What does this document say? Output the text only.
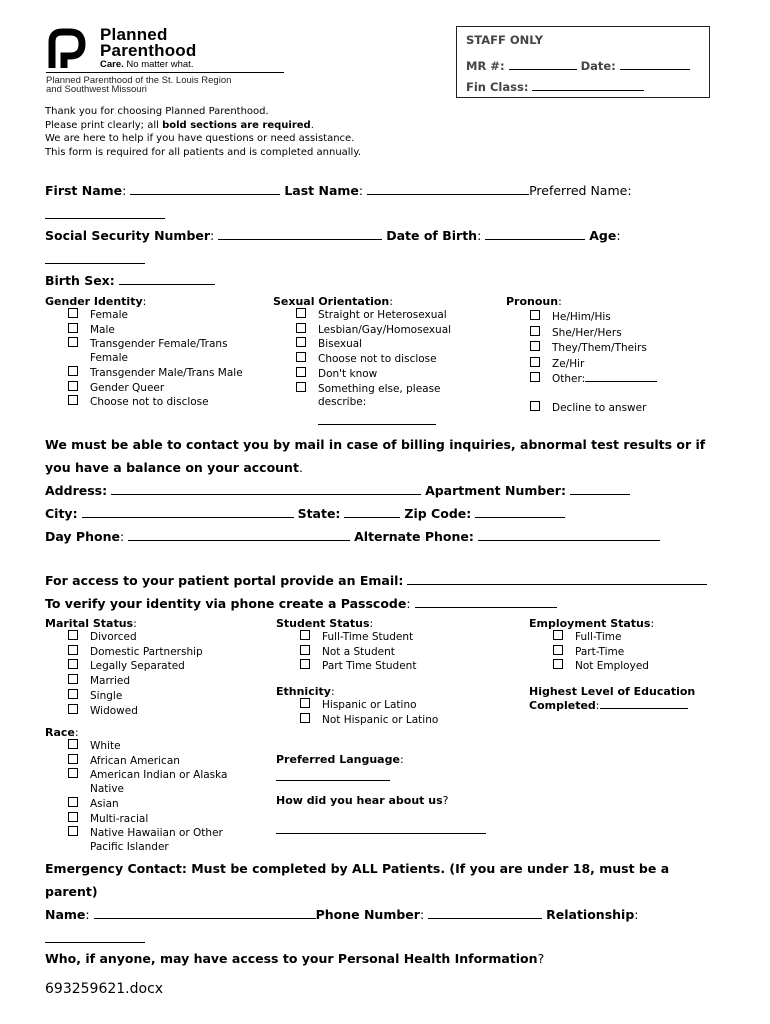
Planned
Parenthood
Care. No matter what.
Planned Parenthood of the St. Louis Region
and Southwest Missouri
STAFF ONLY
MR #:	Date:
Fin Class:
Thank you for choosing Planned Parenthood.
Please print clearly; all bold sections are required.
We are here to help if you have questions or need assistance.
This form is required for all patients and is completed annually.
First Name:	Last Name:	Preferred Name:
Social Security Number:	Date of Birth:	Age:
Birth Sex:
Gender Identity:
Female
Male
Transgender Female/Trans
Female
Transgender Male/Trans Male
Gender Queer
Choose not to disclose
Sexual Orientation:
Straight or Heterosexual
Lesbian/Gay/Homosexual
Bisexual
Choose not to disclose
Don't know
Something else, please
describe:
Pronoun:
He/Him/His
She/Her/Hers
They/Them/Theirs
Ze/Hir
Other:
Decline to answer
We must be able to contact you by mail in case of billing inquiries, abnormal test results or if
you have a balance on your account.
Address:	Apartment Number:
City:	State:	Zip Code:
Day Phone:	Alternate Phone:
For access to your patient portal provide an Email:
To verify your identity via phone create a Passcode:
Marital Status:
Divorced
Domestic Partnership
Legally Separated
Married
Single
Widowed
Student Status:
Full-Time Student
Not a Student
Part Time Student
Employment Status:
Full-Time
Part-Time
Not Employed
Ethnicity:
Hispanic or Latino
Not Hispanic or Latino
Highest Level of Education
Completed:
Race:
White
African American
American Indian or Alaska
Native
Asian
Multi-racial
Native Hawaiian or Other
Pacific Islander
Preferred Language:
How did you hear about us?
Emergency Contact: Must be completed by ALL Patients. (If you are under 18, must be a
parent)
Name:	Phone Number:	Relationship:
Who, if anyone, may have access to your Personal Health Information?
693259621.docx
